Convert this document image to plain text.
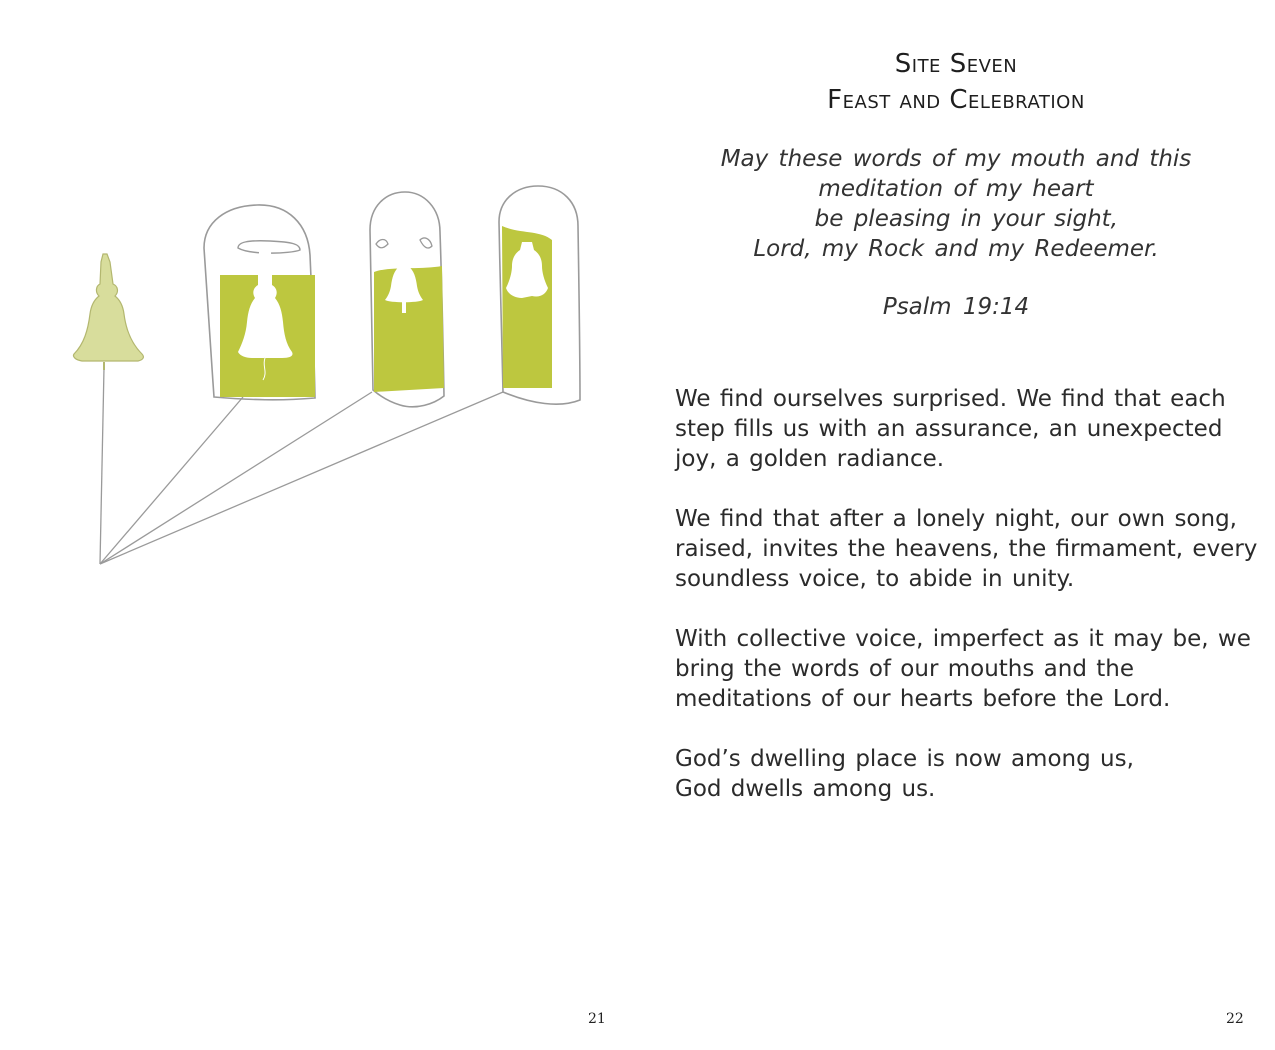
21
Site Seven
Feast and Celebration
May these words of my mouth and this
meditation of my heart
be pleasing in your sight,
Lord, my Rock and my Redeemer.
Psalm 19:14

We find ourselves surprised. We find that each
step fills us with an assurance, an unexpected
joy, a golden radiance.

We find that after a lonely night, our own song,
raised, invites the heavens, the firmament, every
soundless voice, to abide in unity.

With collective voice, imperfect as it may be, we
bring the words of our mouths and the
meditations of our hearts before the Lord.

God’s dwelling place is now among us,
God dwells among us.

22
